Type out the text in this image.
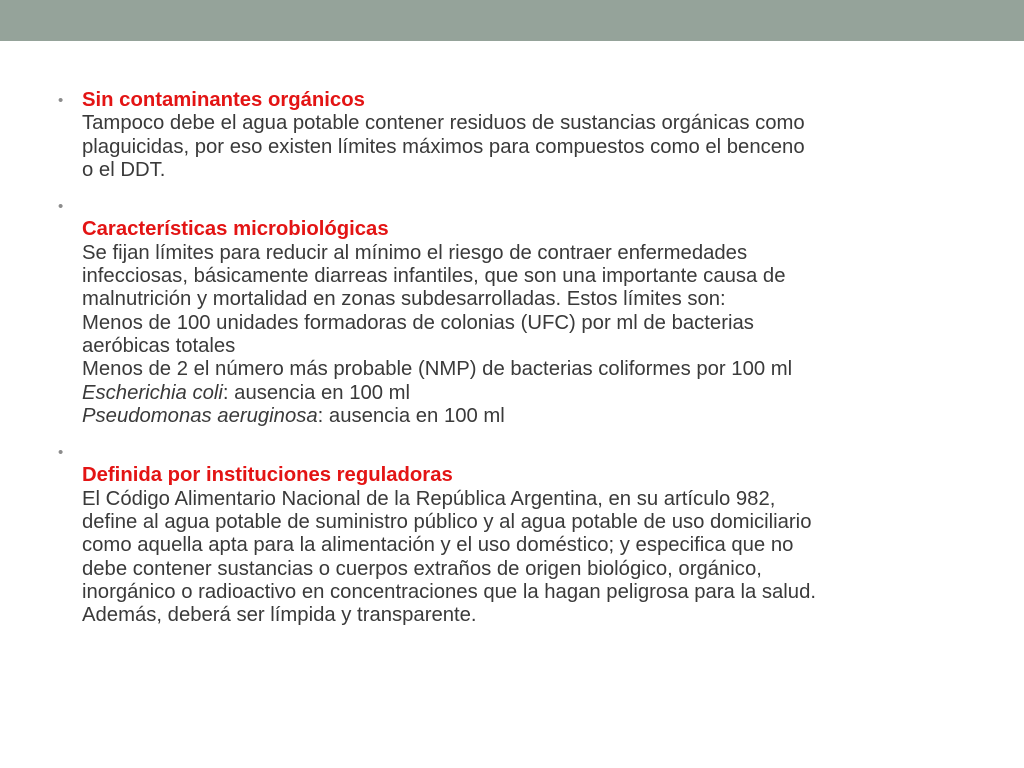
• Sin contaminantes orgánicos
Tampoco debe el agua potable contener residuos de sustancias orgánicas como
plaguicidas, por eso existen límites máximos para compuestos como el benceno
o el DDT.
•
Características microbiológicas
Se fijan límites para reducir al mínimo el riesgo de contraer enfermedades
infecciosas, básicamente diarreas infantiles, que son una importante causa de
malnutrición y mortalidad en zonas subdesarrolladas. Estos límites son:
Menos de 100 unidades formadoras de colonias (UFC) por ml de bacterias
aeróbicas totales
Menos de 2 el número más probable (NMP) de bacterias coliformes por 100 ml
Escherichia coli: ausencia en 100 ml
Pseudomonas aeruginosa: ausencia en 100 ml
•
Definida por instituciones reguladoras
El Código Alimentario Nacional de la República Argentina, en su artículo 982,
define al agua potable de suministro público y al agua potable de uso domiciliario
como aquella apta para la alimentación y el uso doméstico; y especifica que no
debe contener sustancias o cuerpos extraños de origen biológico, orgánico,
inorgánico o radioactivo en concentraciones que la hagan peligrosa para la salud.
Además, deberá ser límpida y transparente.
